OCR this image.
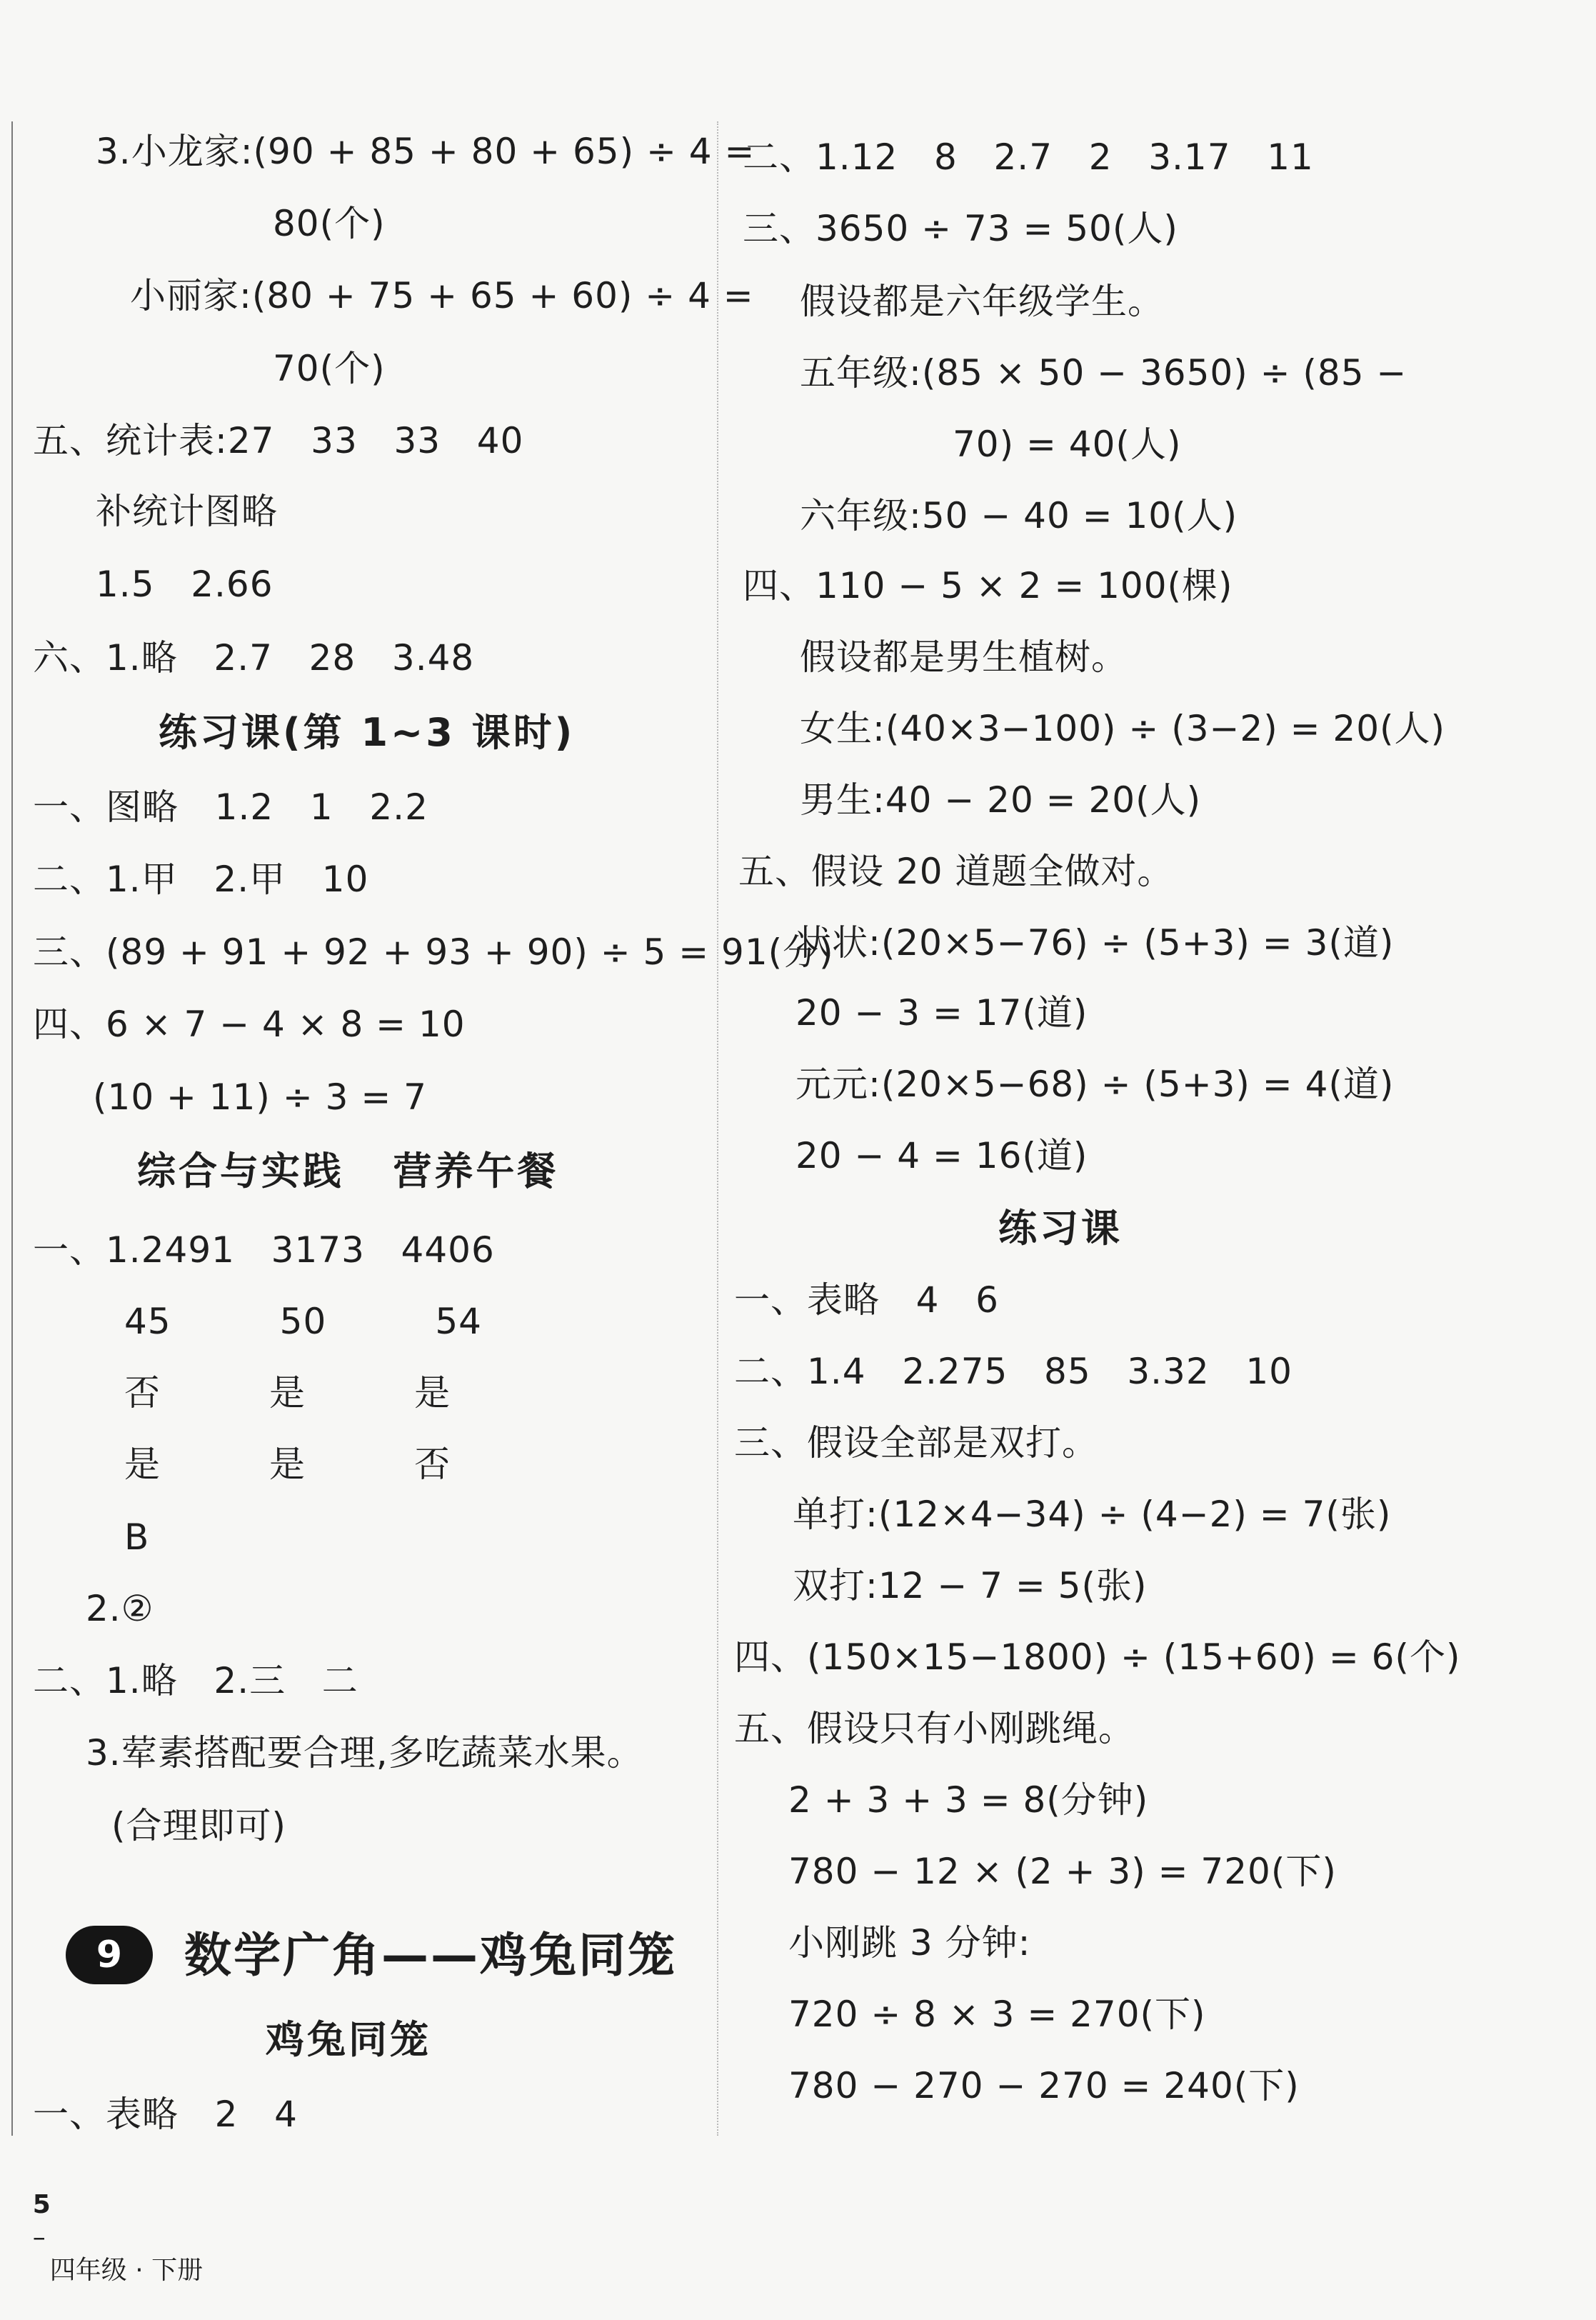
3.小龙家:(90 + 85 + 80 + 65) ÷ 4 =
80(个)
小丽家:(80 + 75 + 65 + 60) ÷ 4 =
70(个)
五、统计表:27   33   33   40
补统计图略
1.5   2.66
六、1.略   2.7   28   3.48
练习课(第 1~3 课时)
一、图略   1.2   1   2.2
二、1.甲   2.甲   10
三、(89 + 91 + 92 + 93 + 90) ÷ 5 = 91(分)
四、6 × 7 − 4 × 8 = 10
(10 + 11) ÷ 3 = 7
综合与实践   营养午餐
一、1.2491   3173   4406
45         50         54
否         是         是
是         是         否
B
2.②
二、1.略   2.三   二
3.荤素搭配要合理,多吃蔬菜水果。
(合理即可)
鸡兔同笼
一、表略   2   4
9	数学广角——鸡兔同笼
二、1.12   8   2.7   2   3.17   11
三、3650 ÷ 73 = 50(人)
假设都是六年级学生。
五年级:(85 × 50 − 3650) ÷ (85 −
70) = 40(人)
六年级:50 − 40 = 10(人)
四、110 − 5 × 2 = 100(棵)
假设都是男生植树。
女生:(40×3−100) ÷ (3−2) = 20(人)
男生:40 − 20 = 20(人)
五、假设 20 道题全做对。
状状:(20×5−76) ÷ (5+3) = 3(道)
20 − 3 = 17(道)
元元:(20×5−68) ÷ (5+3) = 4(道)
20 − 4 = 16(道)
练习课
一、表略   4   6
二、1.4   2.275   85   3.32   10
三、假设全部是双打。
单打:(12×4−34) ÷ (4−2) = 7(张)
双打:12 − 7 = 5(张)
四、(150×15−1800) ÷ (15+60) = 6(个)
五、假设只有小刚跳绳。
2 + 3 + 3 = 8(分钟)
780 − 12 × (2 + 3) = 720(下)
小刚跳 3 分钟:
720 ÷ 8 × 3 = 270(下)
780 − 270 − 270 = 240(下)

5
–
四年级 · 下册
